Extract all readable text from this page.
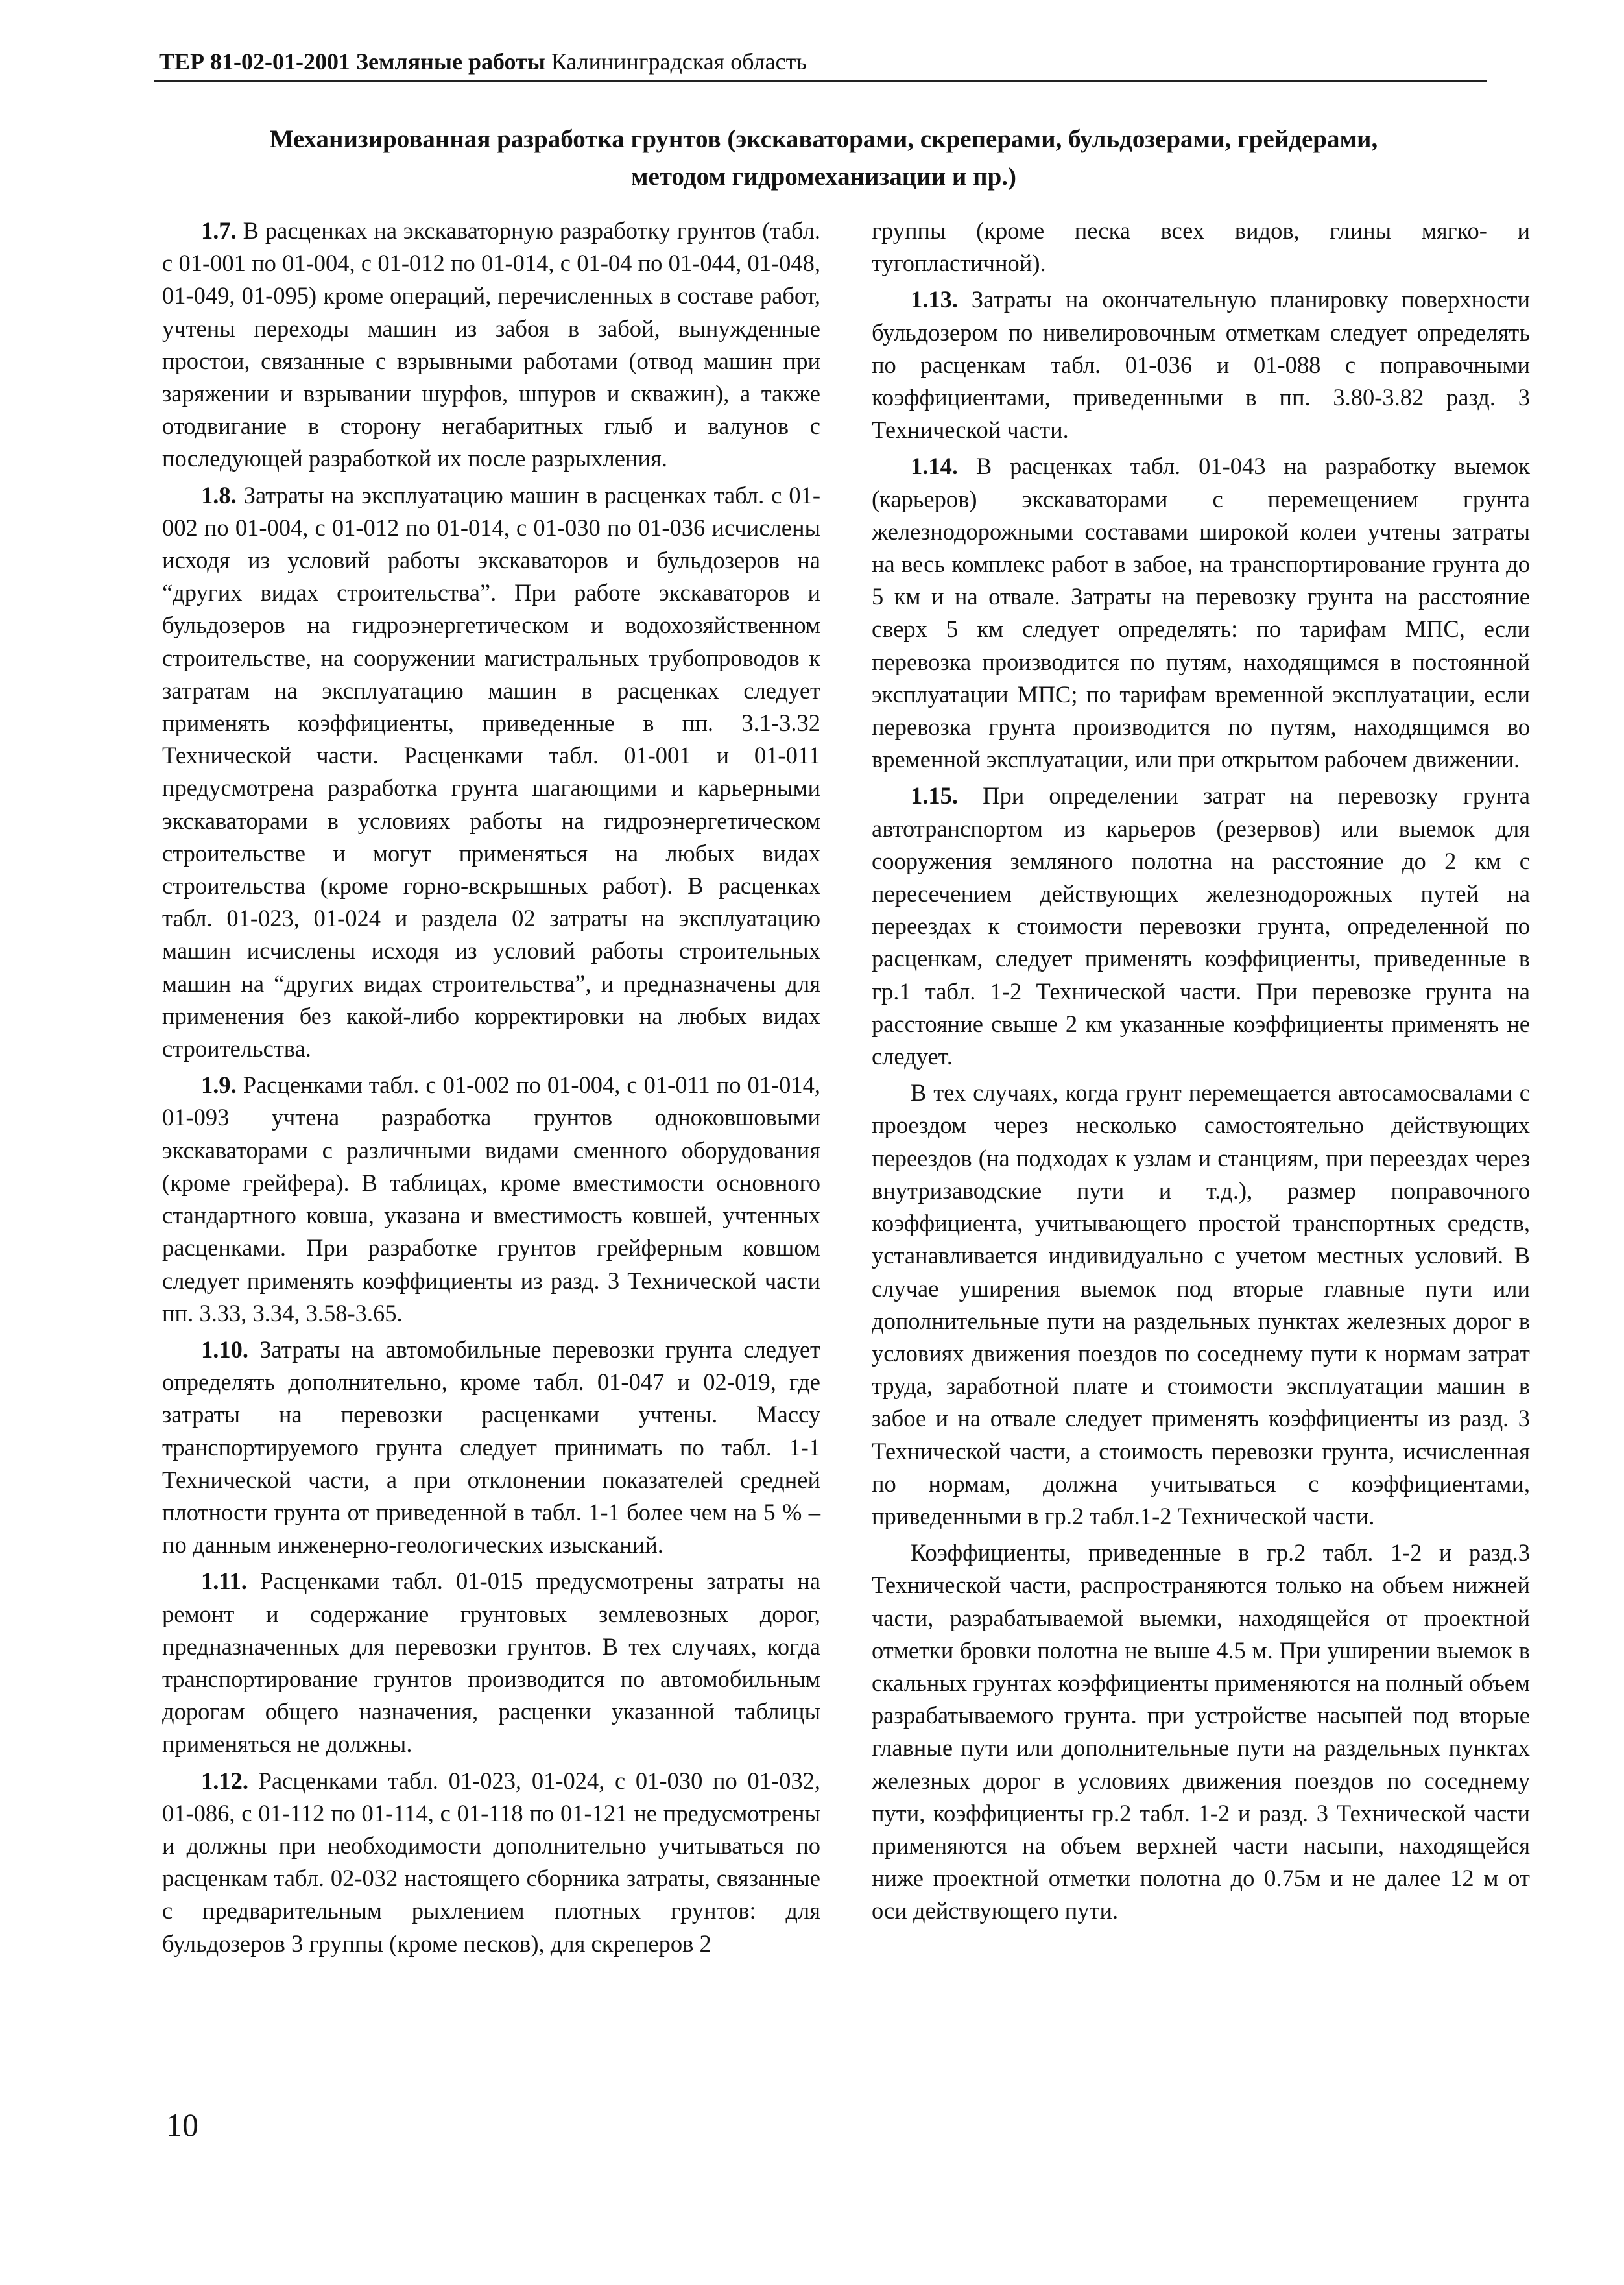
ТЕР 81-02-01-2001 Земляные работы Калининградская область
Механизированная разработка грунтов (экскаваторами, скреперами, бульдозерами, грейдерами,
методом гидромеханизации и пр.)

1.7. В расценках на экскаваторную разработку грунтов (табл. с 01-001 по 01-004, с 01-012 по 01-014, с 01-04 по 01-044, 01-048, 01-049, 01-095) кроме операций, перечисленных в составе работ, учтены переходы машин из забоя в забой, вынужденные простои, связанные с взрывными работами (отвод машин при заряжении и взрывании шурфов, шпуров и скважин), а также отодвигание в сторону негабаритных глыб и валунов с последующей разработкой их после разрыхления.

1.8. Затраты на эксплуатацию машин в расценках табл. с 01-002 по 01-004, с 01-012 по 01-014, с 01-030 по 01-036 исчислены исходя из условий работы экскаваторов и бульдозеров на “других видах строительства”. При работе экскаваторов и бульдозеров на гидроэнергетическом и водохозяйственном строительстве, на сооружении магистральных трубопроводов к затратам на эксплуатацию машин в расценках следует применять коэффициенты, приведенные в пп. 3.1-3.32 Технической части. Расценками табл. 01-001 и 01-011 предусмотрена разработка грунта шагающими и карьерными экскаваторами в условиях работы на гидроэнергетическом строительстве и могут применяться на любых видах строительства (кроме горно-вскрышных работ). В расценках табл. 01-023, 01-024 и раздела 02 затраты на эксплуатацию машин исчислены исходя из условий работы строительных машин на “других видах строительства”, и предназначены для применения без какой-либо корректировки на любых видах строительства.

1.9. Расценками табл. с 01-002 по 01-004, с 01-011 по 01-014, 01-093 учтена разработка грунтов одноковшовыми экскаваторами с различными видами сменного оборудования (кроме грейфера). В таблицах, кроме вместимости основного стандартного ковша, указана и вместимость ковшей, учтенных расценками. При разработке грунтов грейферным ковшом следует применять коэффициенты из разд. 3 Технической части пп. 3.33, 3.34, 3.58-3.65.

1.10. Затраты на автомобильные перевозки грунта следует определять дополнительно, кроме табл. 01-047 и 02-019, где затраты на перевозки расценками учтены. Массу транспортируемого грунта следует принимать по табл. 1-1 Технической части, а при отклонении показателей средней плотности грунта от приведенной в табл. 1-1 более чем на 5 % – по данным инженерно-геологических изысканий.

1.11. Расценками табл. 01-015 предусмотрены затраты на ремонт и содержание грунтовых землевозных дорог, предназначенных для перевозки грунтов. В тех случаях, когда транспортирование грунтов производится по автомобильным дорогам общего назначения, расценки указанной таблицы применяться не должны.

1.12. Расценками табл. 01-023, 01-024, с 01-030 по 01-032, 01-086, с 01-112 по 01-114, с 01-118 по 01-121 не предусмотрены и должны при необходимости дополнительно учитываться по расценкам табл. 02-032 настоящего сборника затраты, связанные с предварительным рыхлением плотных грунтов: для бульдозеров 3 группы (кроме песков), для скреперов 2

группы (кроме песка всех видов, глины мягко- и тугопластичной).

1.13. Затраты на окончательную планировку поверхности бульдозером по нивелировочным отметкам следует определять по расценкам табл. 01-036 и 01-088 с поправочными коэффициентами, приведенными в пп. 3.80-3.82 разд. 3 Технической части.

1.14. В расценках табл. 01-043 на разработку выемок (карьеров) экскаваторами с перемещением грунта железнодорожными составами широкой колеи учтены затраты на весь комплекс работ в забое, на транспортирование грунта до 5 км и на отвале. Затраты на перевозку грунта на расстояние сверх 5 км следует определять: по тарифам МПС, если перевозка производится по путям, находящимся в постоянной эксплуатации МПС; по тарифам временной эксплуатации, если перевозка грунта производится по путям, находящимся во временной эксплуатации, или при открытом рабочем движении.

1.15. При определении затрат на перевозку грунта автотранспортом из карьеров (резервов) или выемок для сооружения земляного полотна на расстояние до 2 км с пересечением действующих железнодорожных путей на переездах к стоимости перевозки грунта, определенной по расценкам, следует применять коэффициенты, приведенные в гр.1 табл. 1-2 Технической части. При перевозке грунта на расстояние свыше 2 км указанные коэффициенты применять не следует.

В тех случаях, когда грунт перемещается автосамосвалами с проездом через несколько самостоятельно действующих переездов (на подходах к узлам и станциям, при переездах через внутризаводские пути и т.д.), размер поправочного коэффициента, учитывающего простой транспортных средств, устанавливается индивидуально с учетом местных условий. В случае уширения выемок под вторые главные пути или дополнительные пути на раздельных пунктах железных дорог в условиях движения поездов по соседнему пути к нормам затрат труда, заработной плате и стоимости эксплуатации машин в забое и на отвале следует применять коэффициенты из разд. 3 Технической части, а стоимость перевозки грунта, исчисленная по нормам, должна учитываться с коэффициентами, приведенными в гр.2 табл.1-2 Технической части.

Коэффициенты, приведенные в гр.2 табл. 1-2 и разд.3 Технической части, распространяются только на объем нижней части, разрабатываемой выемки, находящейся от проектной отметки бровки полотна не выше 4.5 м. При уширении выемок в скальных грунтах коэффициенты применяются на полный объем разрабатываемого грунта. при устройстве насыпей под вторые главные пути или дополнительные пути на раздельных пунктах железных дорог в условиях движения поездов по соседнему пути, коэффициенты гр.2 табл. 1-2 и разд. 3 Технической части применяются на объем верхней части насыпи, находящейся ниже проектной отметки полотна до 0.75м и не далее 12 м от оси действующего пути.

10
